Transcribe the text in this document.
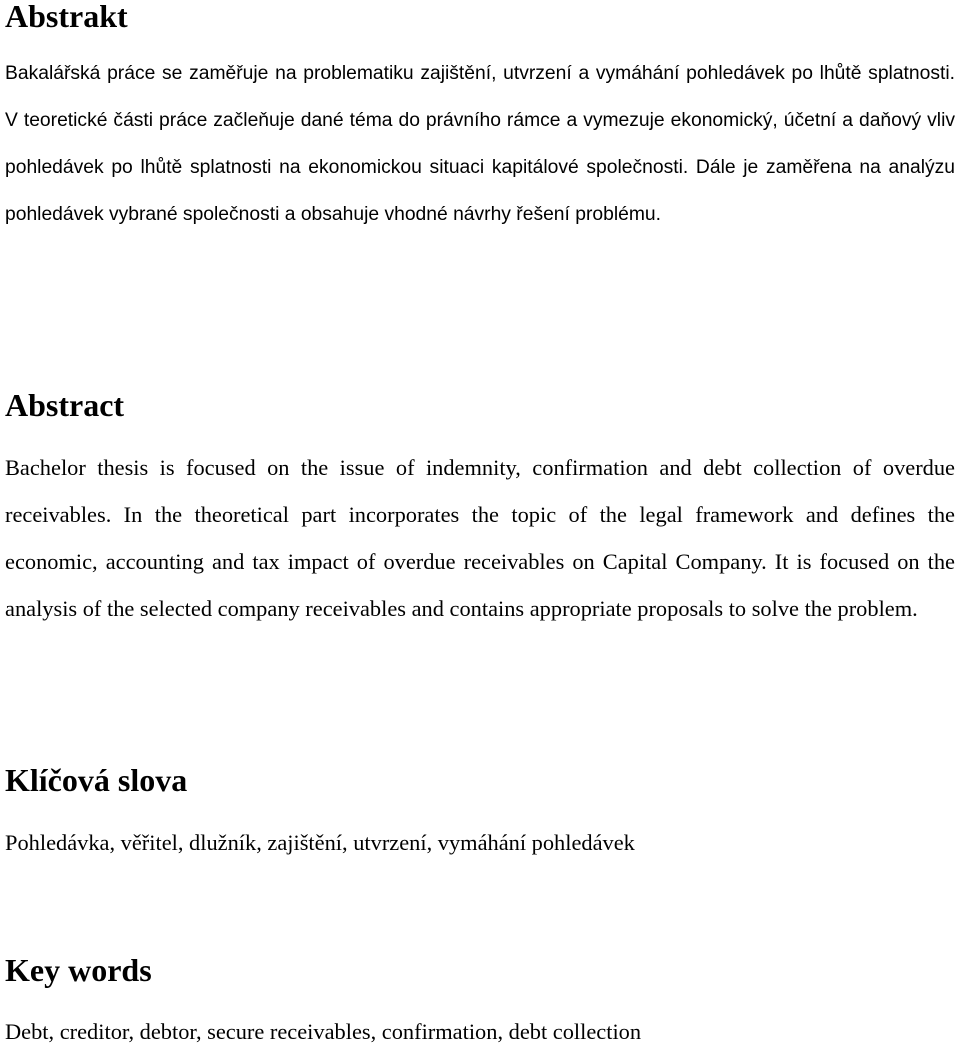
Abstrakt

Bakalářská práce se zaměřuje na problematiku zajištění, utvrzení a vymáhání pohledávek po lhůtě splatnosti. V teoretické části práce začleňuje dané téma do právního rámce a vymezuje ekonomický, účetní a daňový vliv pohledávek po lhůtě splatnosti na ekonomickou situaci kapitálové společnosti. Dále je zaměřena na analýzu pohledávek vybrané společnosti a obsahuje vhodné návrhy řešení problému.

Abstract

Bachelor thesis is focused on the issue of indemnity, confirmation and debt collection of overdue receivables. In the theoretical part incorporates the topic of the legal framework and defines the economic, accounting and tax impact of overdue receivables on Capital Company. It is focused on the analysis of the selected company receivables and contains appropriate proposals to solve the problem.

Klíčová slova

Pohledávka, věřitel, dlužník, zajištění, utvrzení, vymáhání pohledávek

Key words

Debt, creditor, debtor, secure receivables, confirmation, debt collection
